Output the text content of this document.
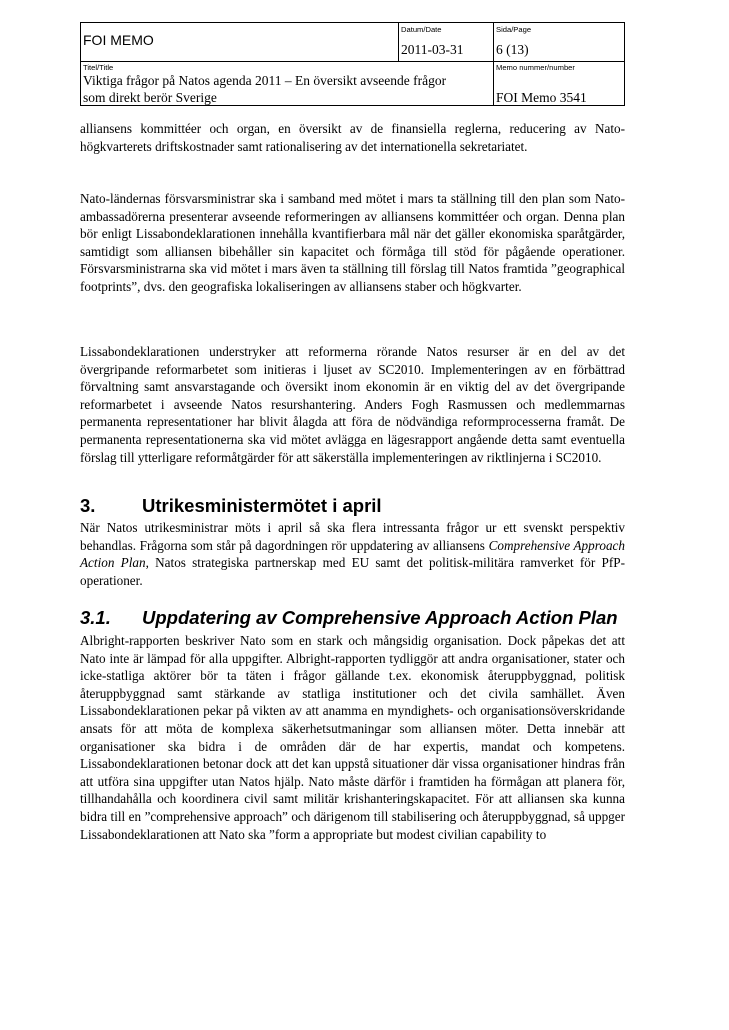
FOI MEMO
Datum/Date
2011-03-31
Sida/Page
6 (13)
Titel/Title
Viktiga frågor på Natos agenda 2011 – En översikt avseende frågor
som direkt berör Sverige
Memo nummer/number
FOI Memo 3541

alliansens kommittéer och organ, en översikt av de finansiella reglerna, reducering av Nato-högkvarterets driftskostnader samt rationalisering av det internationella sekretariatet.

Nato-ländernas försvarsministrar ska i samband med mötet i mars ta ställning till den plan som Nato-ambassadörerna presenterar avseende reformeringen av alliansens kommittéer och organ. Denna plan bör enligt Lissabondeklarationen innehålla kvantifierbara mål när det gäller ekonomiska sparåtgärder, samtidigt som alliansen bibehåller sin kapacitet och förmåga till stöd för pågående operationer. Försvarsministrarna ska vid mötet i mars även ta ställning till förslag till Natos framtida ”geographical footprints”, dvs. den geografiska lokaliseringen av alliansens staber och högkvarter.

Lissabondeklarationen understryker att reformerna rörande Natos resurser är en del av det övergripande reformarbetet som initieras i ljuset av SC2010. Implementeringen av en förbättrad förvaltning samt ansvarstagande och översikt inom ekonomin är en viktig del av det övergripande reformarbetet i avseende Natos resurshantering. Anders Fogh Rasmussen och medlemmarnas permanenta representationer har blivit ålagda att föra de nödvändiga reformprocesserna framåt. De permanenta representationerna ska vid mötet avlägga en lägesrapport angående detta samt eventuella förslag till ytterligare reformåtgärder för att säkerställa implementeringen av riktlinjerna i SC2010.

3.	Utrikesministermötet i april

När Natos utrikesministrar möts i april så ska flera intressanta frågor ur ett svenskt perspektiv behandlas. Frågorna som står på dagordningen rör uppdatering av alliansens Comprehensive Approach Action Plan, Natos strategiska partnerskap med EU samt det politisk-militära ramverket för PfP-operationer.

3.1. Uppdatering av Comprehensive Approach Action Plan

Albright-rapporten beskriver Nato som en stark och mångsidig organisation. Dock påpekas det att Nato inte är lämpad för alla uppgifter. Albright-rapporten tydliggör att andra organisationer, stater och icke-statliga aktörer bör ta täten i frågor gällande t.ex. ekonomisk återuppbyggnad, politisk återuppbyggnad samt stärkande av statliga institutioner och det civila samhället. Även Lissabondeklarationen pekar på vikten av att anamma en myndighets- och organisationsöverskridande ansats för att möta de komplexa säkerhetsutmaningar som alliansen möter. Detta innebär att organisationer ska bidra i de områden där de har expertis, mandat och kompetens. Lissabondeklarationen betonar dock att det kan uppstå situationer där vissa organisationer hindras från att utföra sina uppgifter utan Natos hjälp. Nato måste därför i framtiden ha förmågan att planera för, tillhandahålla och koordinera civil samt militär krishanteringskapacitet. För att alliansen ska kunna bidra till en ”comprehensive approach” och därigenom till stabilisering och återuppbyggnad, så uppger Lissabondeklarationen att Nato ska ”form a appropriate but modest civilian capability to
